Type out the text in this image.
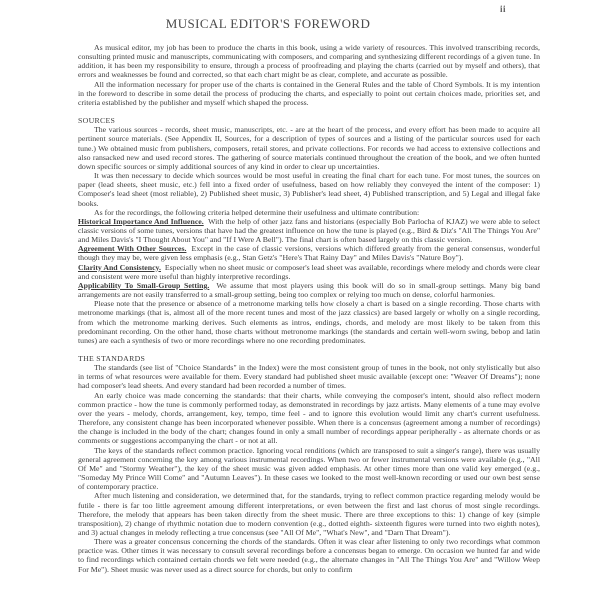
ii
MUSICAL EDITOR'S FOREWORD

As musical editor, my job has been to produce the charts in this book, using a wide variety of resources. This involved transcribing records, consulting printed music and manuscripts, communicating with composers, and comparing and synthesizing different recordings of a given tune. In addition, it has been my responsibility to ensure, through a process of proofreading and playing the charts (carried out by myself and others), that errors and weaknesses be found and corrected, so that each chart might be as clear, complete, and accurate as possible.

All the information necessary for proper use of the charts is contained in the General Rules and the table of Chord Symbols. It is my intention in the foreword to describe in some detail the process of producing the charts, and especially to point out certain choices made, priorities set, and criteria established by the publisher and myself which shaped the process.

SOURCES

The various sources - records, sheet music, manuscripts, etc. - are at the heart of the process, and every effort has been made to acquire all pertinent source materials. (See Appendix II, Sources, for a description of types of sources and a listing of the particular sources used for each tune.) We obtained music from publishers, composers, retail stores, and private collections. For records we had access to extensive collections and also ransacked new and used record stores. The gathering of source materials continued throughout the creation of the book, and we often hunted down specific sources or simply additional sources of any kind in order to clear up uncertainties.

It was then necessary to decide which sources would be most useful in creating the final chart for each tune. For most tunes, the sources on paper (lead sheets, sheet music, etc.) fell into a fixed order of usefulness, based on how reliably they conveyed the intent of the composer: 1) Composer's lead sheet (most reliable), 2) Published sheet music, 3) Publisher's lead sheet, 4) Published transcription, and 5) Legal and illegal fake books.

As for the recordings, the following criteria helped determine their usefulness and ultimate contribution:

Historical Importance And Influence.  With the help of other jazz fans and historians (especially Bob Parlocha of KJAZ) we were able to select classic versions of some tunes, versions that have had the greatest influence on how the tune is played (e.g., Bird & Diz's "All The Things You Are" and Miles Davis's "I Thought About You" and "If I Were A Bell"). The final chart is often based largely on this classic version.

Agreement With Other Sources.  Except in the case of classic versions, versions which differed greatly from the general consensus, wonderful though they may be, were given less emphasis (e.g., Stan Getz's "Here's That Rainy Day" and Miles Davis's "Nature Boy").

Clarity And Consistency.  Especially when no sheet music or composer's lead sheet was available, recordings where melody and chords were clear and consistent were more useful than highly interpretive recordings.

Applicability To Small-Group Setting.  We assume that most players using this book will do so in small-group settings. Many big band arrangements are not easily transferred to a small-group setting, being too complex or relying too much on dense, colorful harmonies.

Please note that the presence or absence of a metronome marking tells how closely a chart is based on a single recording. Those charts with metronome markings (that is, almost all of the more recent tunes and most of the jazz classics) are based largely or wholly on a single recording, from which the metronome marking derives. Such elements as intros, endings, chords, and melody are most likely to be taken from this predominant recording. On the other hand, those charts without metronome markings (the standards and certain well-worn swing, bebop and latin tunes) are each a synthesis of two or more recordings where no one recording predominates.

THE STANDARDS

The standards (see list of "Choice Standards" in the Index) were the most consistent group of tunes in the book, not only stylistically but also in terms of what resources were available for them. Every standard had published sheet music available (except one: "Weaver Of Dreams"); none had composer's lead sheets. And every standard had been recorded a number of times.

An early choice was made concerning the standards: that their charts, while conveying the composer's intent, should also reflect modern common practice - how the tune is commonly performed today, as demonstrated in recordings by jazz artists. Many elements of a tune may evolve over the years - melody, chords, arrangement, key, tempo, time feel - and to ignore this evolution would limit any chart's current usefulness. Therefore, any consistent change has been incorporated whenever possible. When there is a concensus (agreement among a number of recordings) the change is included in the body of the chart; changes found in only a small number of recordings appear peripherally - as alternate chords or as comments or suggestions accompanying the chart - or not at all.

The keys of the standards reflect common practice. Ignoring vocal renditions (which are transposed to suit a singer's range), there was usually general agreement concerning the key among various instrumental recordings. When two or fewer instrumental versions were available (e.g., "All Of Me" and "Stormy Weather"), the key of the sheet music was given added emphasis. At other times more than one valid key emerged (e.g., "Someday My Prince Will Come" and "Autumn Leaves"). In these cases we looked to the most well-known recording or used our own best sense of contemporary practice.

After much listening and consideration, we determined that, for the standards, trying to reflect common practice regarding melody would be futile - there is far too little agreement amoung different interpretations, or even between the first and last chorus of most single recordings. Therefore, the melody that appears has been taken directly from the sheet music. There are three exceptions to this: 1) change of key (simple transposition), 2) change of rhythmic notation due to modern convention (e.g., dotted eighth- sixteenth figures were turned into two eighth notes), and 3) actual changes in melody reflecting a true concensus (see "All Of Me", "What's New", and "Darn That Dream").

There was a greater concensus concerning the chords of the standards. Often it was clear after listening to only two recordings what common practice was. Other times it was necessary to consult several recordings before a concensus began to emerge. On occasion we hunted far and wide to find recordings which contained certain chords we felt were needed (e.g., the alternate changes in "All The Things You Are" and "Willow Weep For Me"). Sheet music was never used as a direct source for chords, but only to confirm
